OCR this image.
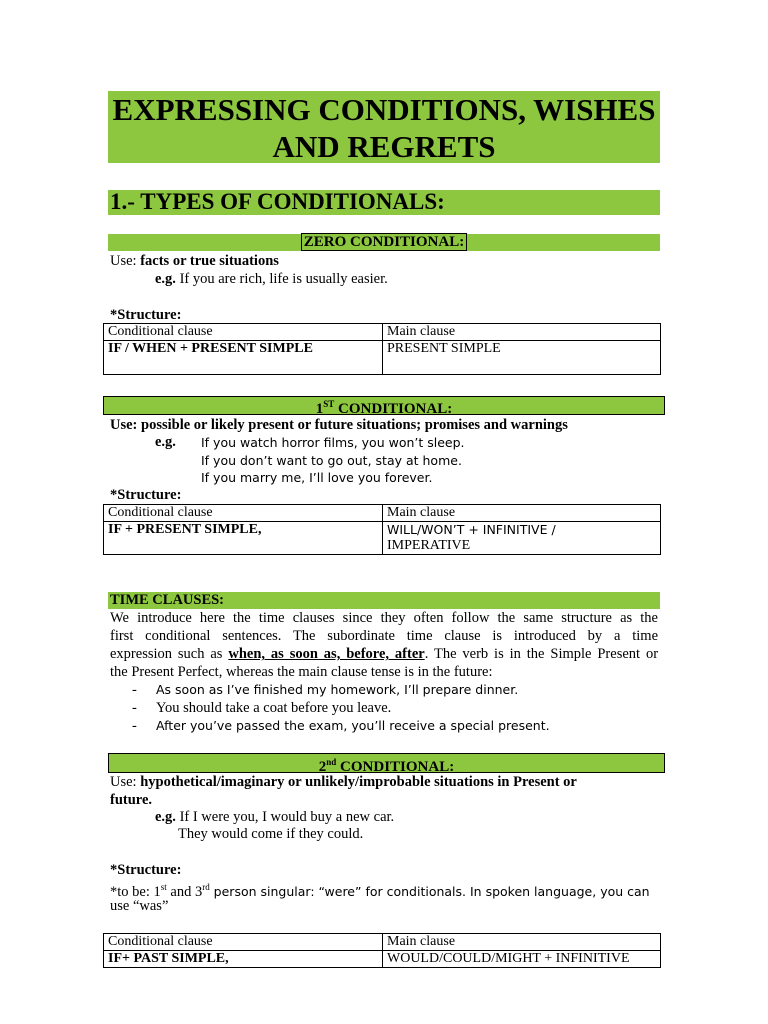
EXPRESSING CONDITIONS, WISHES
AND REGRETS
1.- TYPES OF CONDITIONALS:
ZERO CONDITIONAL:
Use: facts or true situations
e.g. If you are rich, life is usually easier.
*Structure:
Conditional clause	Main clause
IF / WHEN + PRESENT SIMPLE	PRESENT SIMPLE
1ST CONDITIONAL:
Use: possible or likely present or future situations; promises and warnings
e.g. If you watch horror films, you won’t sleep.
If you don’t want to go out, stay at home.
If you marry me, I’ll love you forever.
*Structure:
Conditional clause	Main clause
IF + PRESENT SIMPLE,	WILL/WON’T + INFINITIVE /
IMPERATIVE
TIME CLAUSES:
We introduce here the time clauses since they often follow the same structure as the
first conditional sentences. The subordinate time clause is introduced by a time
expression such as when, as soon as, before, after. The verb is in the Simple Present or
the Present Perfect, whereas the main clause tense is in the future:
- As soon as I’ve finished my homework, I’ll prepare dinner.
- You should take a coat before you leave.
- After you’ve passed the exam, you’ll receive a special present.
2nd CONDITIONAL:
Use: hypothetical/imaginary or unlikely/improbable situations in Present or
future.
e.g. If I were you, I would buy a new car.
They would come if they could.
*Structure:
*to be: 1st and 3rd person singular: “were” for conditionals. In spoken language, you can
use “was”
Conditional clause	Main clause
IF+ PAST SIMPLE,	WOULD/COULD/MIGHT + INFINITIVE
